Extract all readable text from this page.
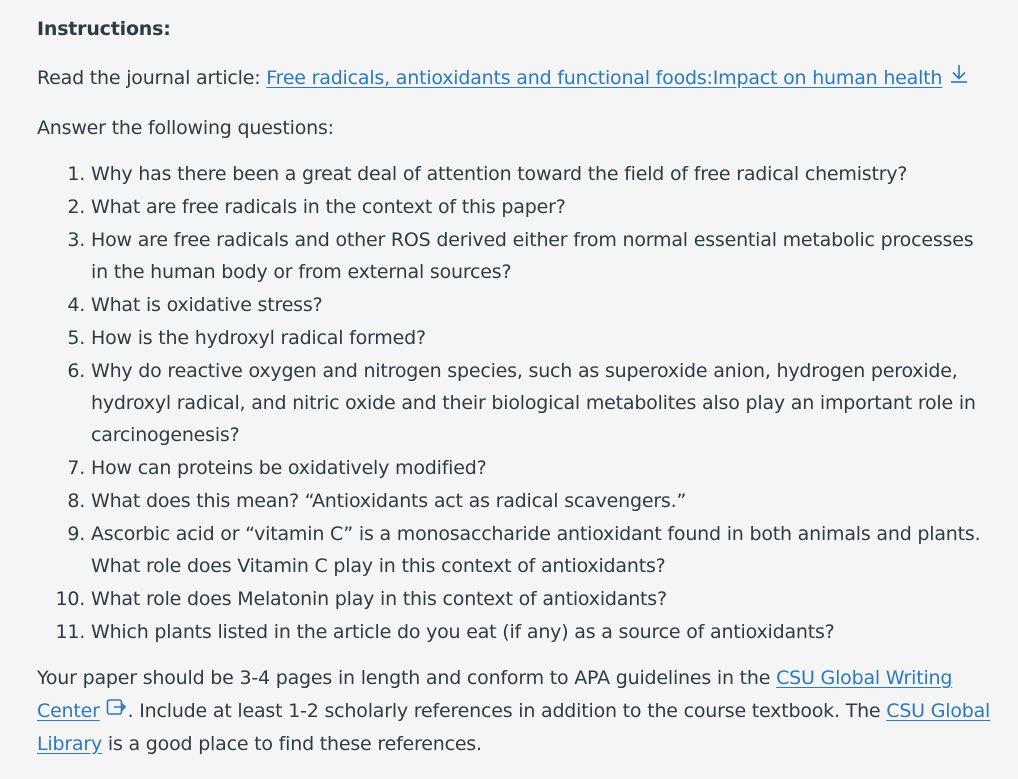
Instructions:

Read the journal article: Free radicals, antioxidants and functional foods:Impact on human health

Answer the following questions:

1. Why has there been a great deal of attention toward the field of free radical chemistry?
2. What are free radicals in the context of this paper?
3. How are free radicals and other ROS derived either from normal essential metabolic processes in the human body or from external sources?
4. What is oxidative stress?
5. How is the hydroxyl radical formed?
6. Why do reactive oxygen and nitrogen species, such as superoxide anion, hydrogen peroxide, hydroxyl radical, and nitric oxide and their biological metabolites also play an important role in carcinogenesis?
7. How can proteins be oxidatively modified?
8. What does this mean? “Antioxidants act as radical scavengers.”
9. Ascorbic acid or “vitamin C” is a monosaccharide antioxidant found in both animals and plants. What role does Vitamin C play in this context of antioxidants?
10. What role does Melatonin play in this context of antioxidants?
11. Which plants listed in the article do you eat (if any) as a source of antioxidants?

Your paper should be 3-4 pages in length and conform to APA guidelines in the CSU Global Writing Center . Include at least 1-2 scholarly references in addition to the course textbook. The CSU Global Library is a good place to find these references.
